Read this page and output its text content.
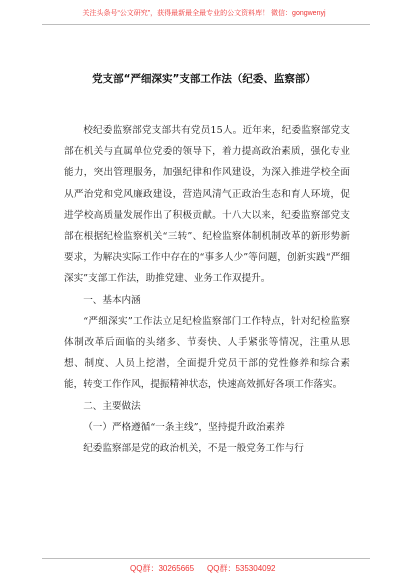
关注头条号“公文研究”，获得最新最全最专业的公文资料库！ 微信：gongwenyj
党支部“严细深实”支部工作法（纪委、监察部）

校纪委监察部党支部共有党员15人。近年来，纪委监察部党支部在机关与直属单位党委的领导下，着力提高政治素质，强化专业能力，突出管理服务，加强纪律和作风建设，为深入推进学校全面从严治党和党风廉政建设，营造风清气正政治生态和育人环境，促进学校高质量发展作出了积极贡献。十八大以来，纪委监察部党支部在根据纪检监察机关“三转”、纪检监察体制机制改革的新形势新要求，为解决实际工作中存在的“事多人少”等问题，创新实践“严细深实”支部工作法，助推党建、业务工作双提升。

一、基本内涵

“严细深实”工作法立足纪检监察部门工作特点，针对纪检监察体制改革后面临的头绪多、节奏快、人手紧张等情况，注重从思想、制度、人员上挖潜，全面提升党员干部的党性修养和综合素能，转变工作作风，提振精神状态，快速高效抓好各项工作落实。

二、主要做法
（一）严格遵循“一条主线”，坚持提升政治素养

纪委监察部是党的政治机关，不是一般党务工作与行

QQ群：30265665 QQ群：535304092
